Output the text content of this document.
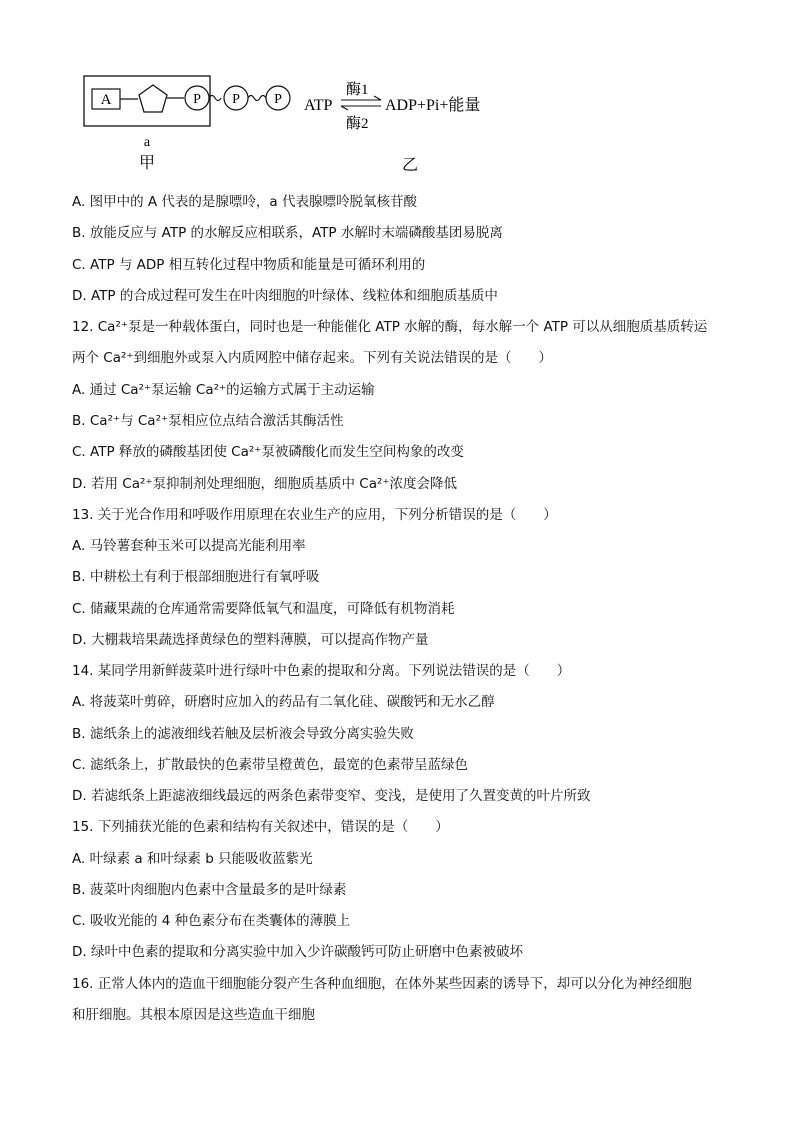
A	P P P
a
甲
ATP
酶1
酶2
ADP+Pi+能量
乙
A. 图甲中的 A 代表的是腺嘌呤，a 代表腺嘌呤脱氧核苷酸
B. 放能反应与 ATP 的水解反应相联系，ATP 水解时末端磷酸基团易脱离
C. ATP 与 ADP 相互转化过程中物质和能量是可循环利用的
D. ATP 的合成过程可发生在叶肉细胞的叶绿体、线粒体和细胞质基质中
12. Ca²⁺泵是一种载体蛋白，同时也是一种能催化 ATP 水解的酶，每水解一个 ATP 可以从细胞质基质转运
两个 Ca²⁺到细胞外或泵入内质网腔中储存起来。下列有关说法错误的是（　　）
A. 通过 Ca²⁺泵运输 Ca²⁺的运输方式属于主动运输
B. Ca²⁺与 Ca²⁺泵相应位点结合激活其酶活性
C. ATP 释放的磷酸基团使 Ca²⁺泵被磷酸化而发生空间构象的改变
D. 若用 Ca²⁺泵抑制剂处理细胞，细胞质基质中 Ca²⁺浓度会降低
13. 关于光合作用和呼吸作用原理在农业生产的应用，下列分析错误的是（　　）
A. 马铃薯套种玉米可以提高光能利用率
B. 中耕松土有利于根部细胞进行有氧呼吸
C. 储藏果蔬的仓库通常需要降低氧气和温度，可降低有机物消耗
D. 大棚栽培果蔬选择黄绿色的塑料薄膜，可以提高作物产量
14. 某同学用新鲜菠菜叶进行绿叶中色素的提取和分离。下列说法错误的是（　　）
A. 将菠菜叶剪碎，研磨时应加入的药品有二氧化硅、碳酸钙和无水乙醇
B. 滤纸条上的滤液细线若触及层析液会导致分离实验失败
C. 滤纸条上，扩散最快的色素带呈橙黄色，最宽的色素带呈蓝绿色
D. 若滤纸条上距滤液细线最远的两条色素带变窄、变浅，是使用了久置变黄的叶片所致
15. 下列捕获光能的色素和结构有关叙述中，错误的是（　　）
A. 叶绿素 a 和叶绿素 b 只能吸收蓝紫光
B. 菠菜叶肉细胞内色素中含量最多的是叶绿素
C. 吸收光能的 4 种色素分布在类囊体的薄膜上
D. 绿叶中色素的提取和分离实验中加入少许碳酸钙可防止研磨中色素被破坏
16. 正常人体内的造血干细胞能分裂产生各种血细胞，在体外某些因素的诱导下，却可以分化为神经细胞
和肝细胞。其根本原因是这些造血干细胞
